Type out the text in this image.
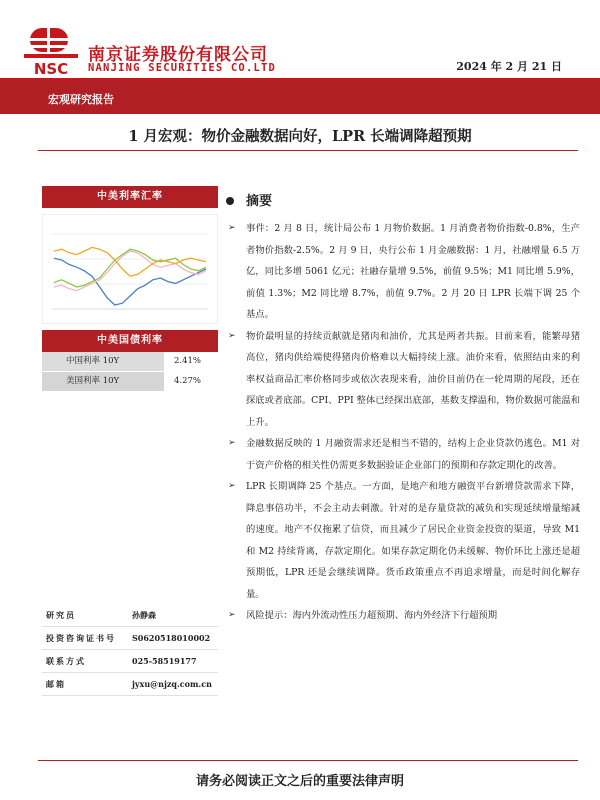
NSC
南京证券股份有限公司
NANJING SECURITIES CO.LTD	2024 年 2 月 21 日
宏观研究报告
1 月宏观：物价金融数据向好，LPR 长端调降超预期
中美利率汇率
中美国债利率
中国利率 10Y	2.41%
美国利率 10Y	4.27%
研究员	孙静森
投资咨询证书号	S0620518010002
联系方式	025-58519177
邮箱	jyxu@njzq.com.cn
摘要
➢ 事件：2 月 8 日，统计局公布 1 月物价数据。1 月消费者物价指数-0.8%，生产者物价指数-2.5%。2 月 9 日，央行公布 1 月金融数据：1 月，社融增量 6.5 万亿，同比多增 5061 亿元；社融存量增 9.5%，前值 9.5%；M1 同比增 5.9%，前值 1.3%；M2 同比增 8.7%，前值 9.7%。2 月 20 日 LPR 长端下调 25 个基点。
➢ 物价最明显的持续贡献就是猪肉和油价，尤其是两者共振。目前来看，能繁母猪高位，猪肉供给端使得猪肉价格难以大幅持续上涨。油价来看，依照结由来的利率权益商品汇率价格同步或依次表现来看，油价目前仍在一轮周期的尾段，还在探底或者底部。CPI、PPI 整体已经探出底部，基数支撑温和，物价数据可能温和上升。
➢ 金融数据反映的 1 月融资需求还是相当不错的，结构上企业贷款仍逃色。M1 对于资产价格的相关性仍需更多数据验证企业部门的预期和存款定期化的改善。
➢ LPR 长期调降 25 个基点。一方面，是地产和地方融资平台新增贷款需求下降，降息事倍功半，不会主动去刺激。针对的是存量贷款的减负和实现延续增量缩减的速度。地产不仅拖累了信贷，而且减少了居民企业资金投资的渠道，导致 M1 和 M2 持续背离，存款定期化。如果存款定期化仍未缓解、物价环比上涨还是超预期低，LPR 还是会继续调降。货币政策重点不再追求增量，而是时间化解存量。
➢ 风险提示：海内外流动性压力超预期、海内外经济下行超预期
请务必阅读正文之后的重要法律声明
